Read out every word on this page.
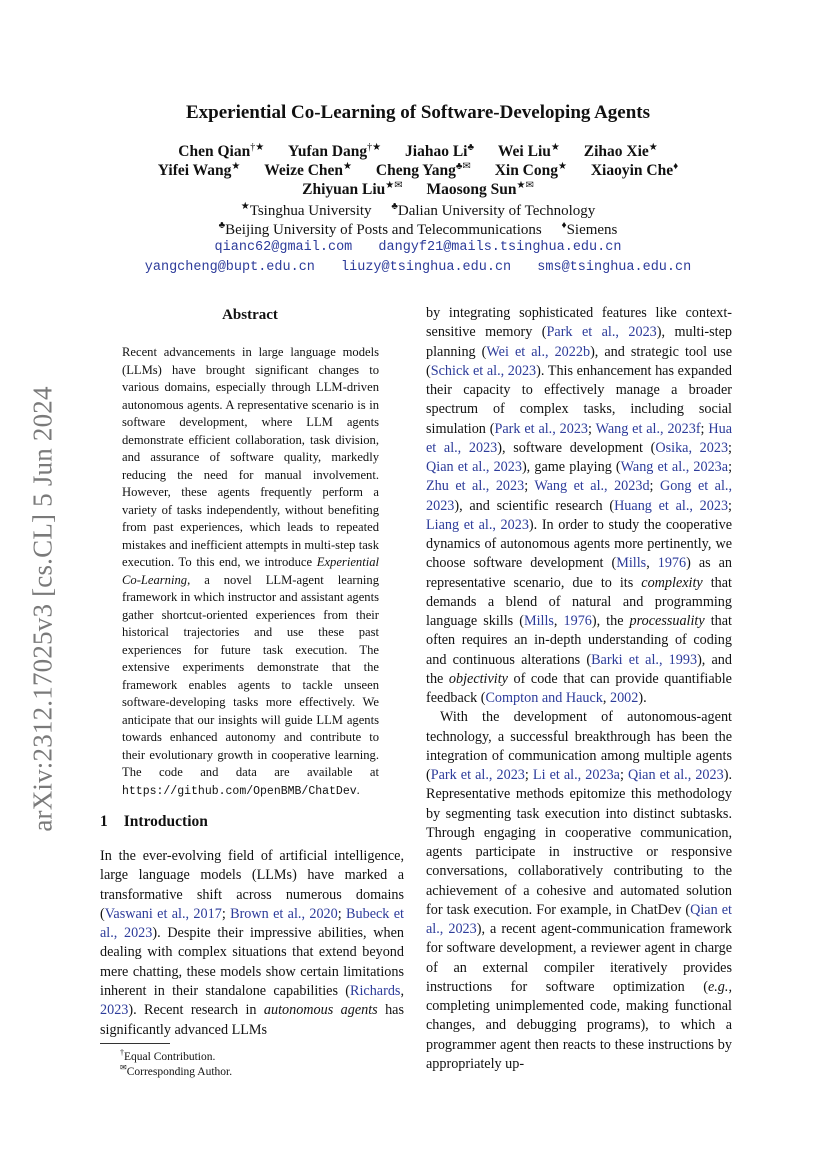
arXiv:2312.17025v3 [cs.CL] 5 Jun 2024
Experiential Co-Learning of Software-Developing Agents
Chen Qian†★ Yufan Dang†★ Jiahao Li♣ Wei Liu★ Zihao Xie★
Yifei Wang★ Weize Chen★ Cheng Yang♣✉ Xin Cong★ Xiaoyin Che♦
Zhiyuan Liu★✉ Maosong Sun★✉
★Tsinghua University ♣Dalian University of Technology
♣Beijing University of Posts and Telecommunications ♦Siemens
qianc62@gmail.com dangyf21@mails.tsinghua.edu.cn
yangcheng@bupt.edu.cn liuzy@tsinghua.edu.cn sms@tsinghua.edu.cn
Abstract
Recent advancements in large language models (LLMs) have brought significant changes to various domains, especially through LLM-driven autonomous agents. A representative scenario is in software development, where LLM agents demonstrate efficient collaboration, task division, and assurance of software quality, markedly reducing the need for manual involvement. However, these agents frequently perform a variety of tasks independently, without benefiting from past experiences, which leads to repeated mistakes and inefficient attempts in multi-step task execution. To this end, we introduce Experiential Co-Learning, a novel LLM-agent learning framework in which instructor and assistant agents gather shortcut-oriented experiences from their historical trajectories and use these past experiences for future task execution. The extensive experiments demonstrate that the framework enables agents to tackle unseen software-developing tasks more effectively. We anticipate that our insights will guide LLM agents towards enhanced autonomy and contribute to their evolutionary growth in cooperative learning. The code and data are available at https://github.com/OpenBMB/ChatDev.
1 Introduction
In the ever-evolving field of artificial intelligence, large language models (LLMs) have marked a transformative shift across numerous domains (Vaswani et al., 2017; Brown et al., 2020; Bubeck et al., 2023). Despite their impressive abilities, when dealing with complex situations that extend beyond mere chatting, these models show certain limitations inherent in their standalone capabilities (Richards, 2023). Recent research in autonomous agents has significantly advanced LLMs

by integrating sophisticated features like context-sensitive memory (Park et al., 2023), multi-step planning (Wei et al., 2022b), and strategic tool use (Schick et al., 2023). This enhancement has expanded their capacity to effectively manage a broader spectrum of complex tasks, including social simulation (Park et al., 2023; Wang et al., 2023f; Hua et al., 2023), software development (Osika, 2023; Qian et al., 2023), game playing (Wang et al., 2023a; Zhu et al., 2023; Wang et al., 2023d; Gong et al., 2023), and scientific research (Huang et al., 2023; Liang et al., 2023). In order to study the cooperative dynamics of autonomous agents more pertinently, we choose software development (Mills, 1976) as an representative scenario, due to its complexity that demands a blend of natural and programming language skills (Mills, 1976), the processuality that often requires an in-depth understanding of coding and continuous alterations (Barki et al., 1993), and the objectivity of code that can provide quantifiable feedback (Compton and Hauck, 2002).

With the development of autonomous-agent technology, a successful breakthrough has been the integration of communication among multiple agents (Park et al., 2023; Li et al., 2023a; Qian et al., 2023). Representative methods epitomize this methodology by segmenting task execution into distinct subtasks. Through engaging in cooperative communication, agents participate in instructive or responsive conversations, collaboratively contributing to the achievement of a cohesive and automated solution for task execution. For example, in ChatDev (Qian et al., 2023), a recent agent-communication framework for software development, a reviewer agent in charge of an external compiler iteratively provides instructions for software optimization (e.g., completing unimplemented code, making functional changes, and debugging programs), to which a programmer agent then reacts to these instructions by appropriately up-

†Equal Contribution.
✉Corresponding Author.
